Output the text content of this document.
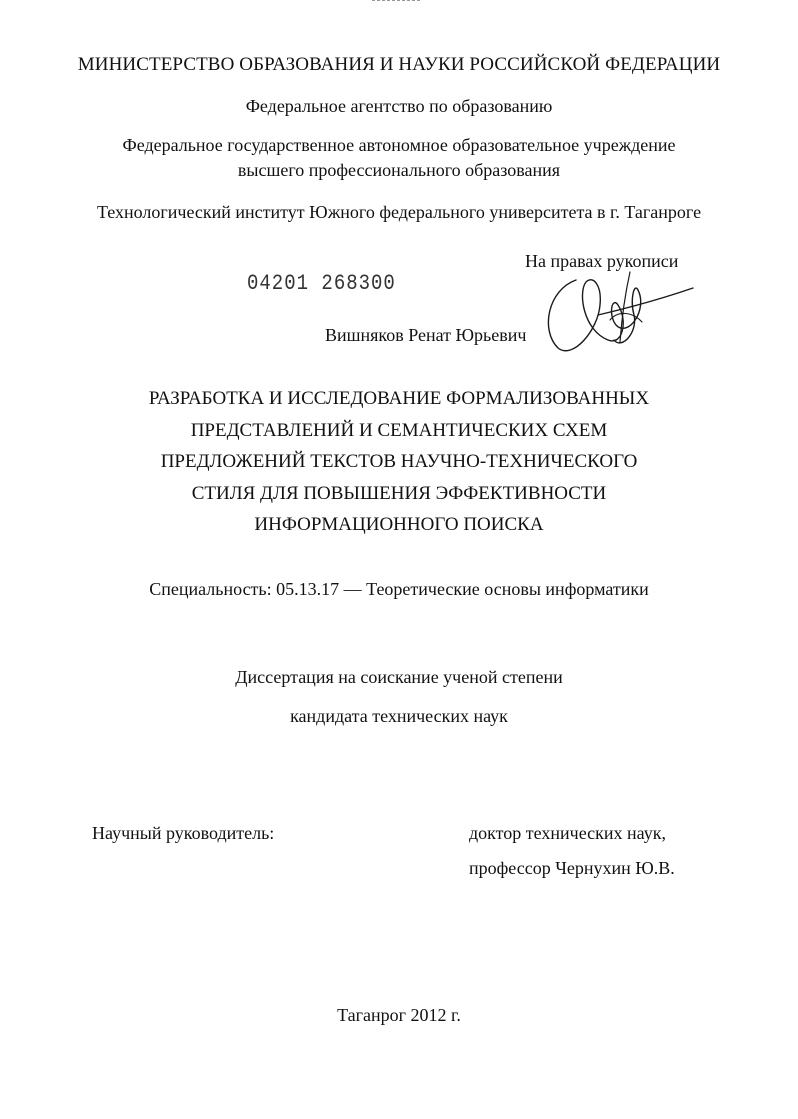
МИНИСТЕРСТВО ОБРАЗОВАНИЯ И НАУКИ РОССИЙСКОЙ ФЕДЕРАЦИИ
Федеральное агентство по образованию
Федеральное государственное автономное образовательное учреждение
высшего профессионального образования
Технологический институт Южного федерального университета в г. Таганроге
На правах рукописи
04201 268300
Вишняков Ренат Юрьевич
РАЗРАБОТКА И ИССЛЕДОВАНИЕ ФОРМАЛИЗОВАННЫХ
ПРЕДСТАВЛЕНИЙ И СЕМАНТИЧЕСКИХ СХЕМ
ПРЕДЛОЖЕНИЙ ТЕКСТОВ НАУЧНО-ТЕХНИЧЕСКОГО
СТИЛЯ ДЛЯ ПОВЫШЕНИЯ ЭФФЕКТИВНОСТИ
ИНФОРМАЦИОННОГО ПОИСКА
Специальность: 05.13.17 — Теоретические основы информатики
Диссертация на соискание ученой степени
кандидата технических наук
Научный руководитель:	доктор технических наук,
профессор Чернухин Ю.В.
Таганрог 2012 г.
